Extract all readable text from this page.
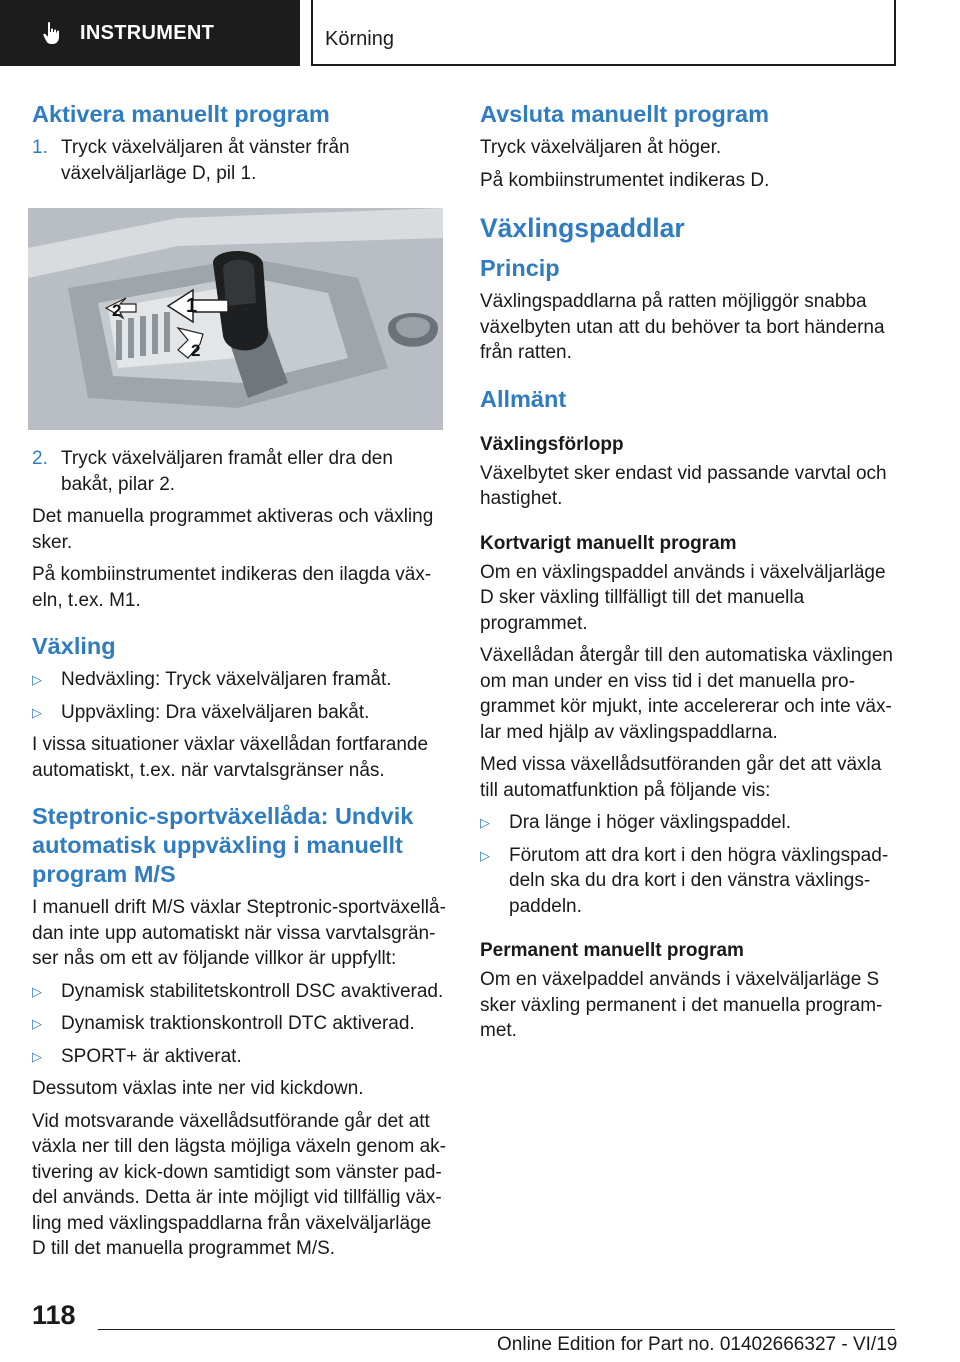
INSTRUMENT	Körning
Aktivera manuellt program
1. Tryck växelväljaren åt vänster från växelväljarläge D, pil 1.
1
2
2
2. Tryck växelväljaren framåt eller dra den bakåt, pilar 2.

Det manuella programmet aktiveras och växling sker.

På kombiinstrumentet indikeras den ilagda växeln, t.ex. M1.

Växling
▷	Nedväxling: Tryck växelväljaren framåt.
▷	Uppväxling: Dra växelväljaren bakåt.

I vissa situationer växlar växellådan fortfarande automatiskt, t.ex. när varvtalsgränser nås.

Steptronic-sportväxellåda: Undvik automatisk uppväxling i manuellt program M/S

I manuell drift M/S växlar Steptronic-sportväxellådan inte upp automatiskt när vissa varvtalsgränser nås om ett av följande villkor är uppfyllt:

▷	Dynamisk stabilitetskontroll DSC avaktiverad.
▷	Dynamisk traktionskontroll DTC aktiverad.
▷	SPORT+ är aktiverat.

Dessutom växlas inte ner vid kickdown.

Vid motsvarande växellådsutförande går det att växla ner till den lägsta möjliga växeln genom aktivering av kick-down samtidigt som vänster paddel används. Detta är inte möjligt vid tillfällig växling med växlingspaddlarna från växelväljarläge D till det manuella programmet M/S.

Avsluta manuellt program

Tryck växelväljaren åt höger.

På kombiinstrumentet indikeras D.

Växlingspaddlar
Princip

Växlingspaddlarna på ratten möjliggör snabba växelbyten utan att du behöver ta bort händerna från ratten.

Allmänt
Växlingsförlopp

Växelbytet sker endast vid passande varvtal och hastighet.

Kortvarigt manuellt program

Om en växlingspaddel används i växelväljarläge D sker växling tillfälligt till det manuella programmet.

Växellådan återgår till den automatiska växlingen om man under en viss tid i det manuella programmet kör mjukt, inte accelererar och inte växlar med hjälp av växlingspaddlarna.

Med vissa växellådsutföranden går det att växla till automatfunktion på följande vis:

▷	Dra länge i höger växlingspaddel.
▷	Förutom att dra kort i den högra växlingspaddeln ska du dra kort i den vänstra växlingspaddeln.
Permanent manuellt program

Om en växelpaddel används i växelväljarläge S sker växling permanent i det manuella programmet.

118
Online Edition for Part no. 01402666327 - VI/19
